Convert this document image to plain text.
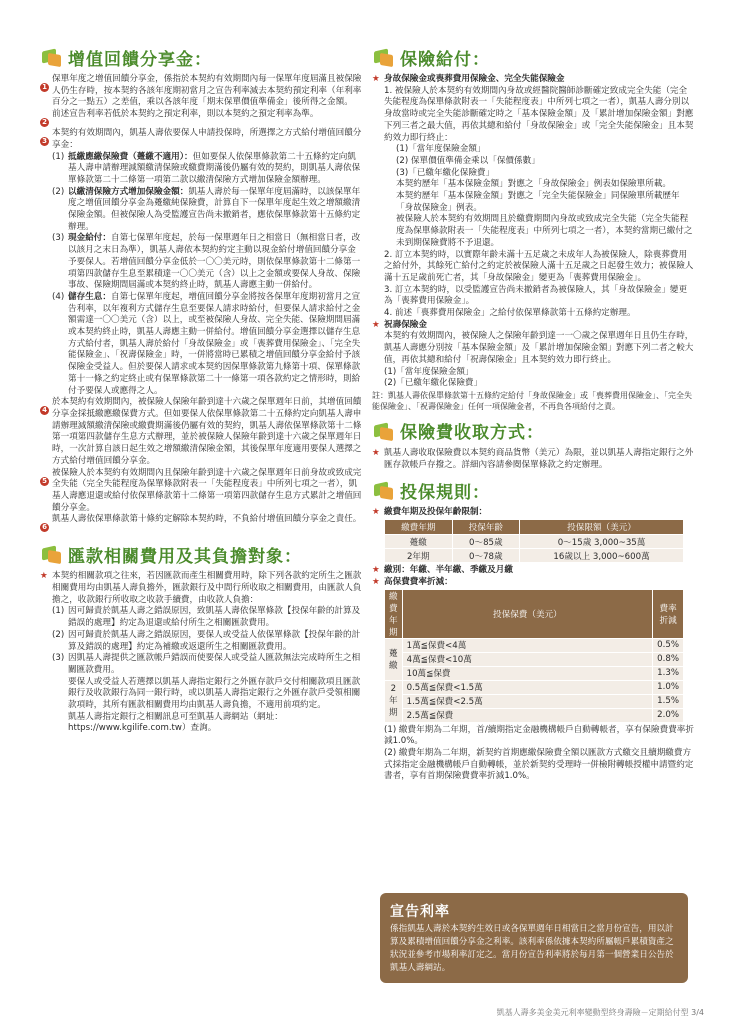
增值回饋分享金：
1
保單年度之增值回饋分享金，係指於本契約有效期間內每一保單年度屆滿且被保險人仍生存時，按本契約各該年度期初當月之宣告利率減去本契約預定利率（年利率百分之一點五）之差值，乘以各該年度「期末保單價值準備金」後所得之金額。
2
前述宣告利率若低於本契約之預定利率，則以本契約之預定利率為準。
3
本契約有效期間內，凱基人壽依要保人申請投保時，所選擇之方式給付增值回饋分享金：
(1) 抵繳應繳保險費（躉繳不適用）：但如要保人依保單條款第二十五條約定向凱基人壽申請辦理減額繳清保險或繳費期滿後仍屬有效的契約，則凱基人壽依保單條款第二十二條第一項第二款以繳清保險方式增加保險金額辦理。
(2) 以繳清保險方式增加保險金額：凱基人壽於每一保單年度屆滿時，以該保單年度之增值回饋分享金為躉繳純保險費，計算自下一保單年度起生效之增額繳清保險金額。但被保險人為受監護宣告尚未撤銷者，應依保單條款第十五條約定辦理。
(3) 現金給付：自第七保單年度起，於每一保單週年日之相當日（無相當日者，改以該月之末日為準），凱基人壽依本契約約定主動以現金給付增值回饋分享金予要保人。若增值回饋分享金低於一〇〇美元時，則依保單條款第十二條第一項第四款儲存生息至累積達一〇〇美元（含）以上之金額或要保人身故、保險事故、保險期間屆滿或本契約終止時，凱基人壽應主動一併給付。
(4) 儲存生息：自第七保單年度起，增值回饋分享金將按各保單年度期初當月之宣告利率，以年複利方式儲存生息至要保人請求時給付，但要保人請求給付之金額需達一〇〇美元（含）以上，或至被保險人身故、完全失能、保險期間屆滿或本契約終止時，凱基人壽應主動一併給付。增值回饋分享金選擇以儲存生息方式給付者，凱基人壽於給付「身故保險金」或「喪葬費用保險金」、「完全失能保險金」、「祝壽保險金」時，一併將當時已累積之增值回饋分享金給付予該保險金受益人。但於要保人請求或本契約因保單條款第九條第十項、保單條款第十一條之約定終止或有保單條款第二十一條第一項各款約定之情形時，則給付予要保人或應得之人。
4
於本契約有效期間內，被保險人保險年齡到達十六歲之保單週年日前，其增值回饋分享金採抵繳應繳保費方式。但如要保人依保單條款第二十五條約定向凱基人壽申請辦理減額繳清保險或繳費期滿後仍屬有效的契約，凱基人壽依保單條款第十二條第一項第四款儲存生息方式辦理，並於被保險人保險年齡到達十六歲之保單週年日時，一次計算自該日起生效之增額繳清保險金額，其後保單年度適用要保人選擇之方式給付增值回饋分享金。
5
被保險人於本契約有效期間內且保險年齡到達十六歲之保單週年日前身故或致成完全失能（完全失能程度為保單條款附表一「失能程度表」中所列七項之一者），凱基人壽應退還或給付依保單條款第十二條第一項第四款儲存生息方式累計之增值回饋分享金。
6
凱基人壽依保單條款第十條約定解除本契約時，不負給付增值回饋分享金之責任。
匯款相關費用及其負擔對象：
★ 本契約相關款項之往來，若因匯款而產生相關費用時，除下列各款約定所生之匯款相關費用均由凱基人壽負擔外，匯款銀行及中間行所收取之相關費用，由匯款人負擔之，收款銀行所收取之收款手續費，由收款人負擔：
(1) 因可歸責於凱基人壽之錯誤原因，致凱基人壽依保單條款【投保年齡的計算及錯誤的處理】約定為退還或給付所生之相關匯款費用。
(2) 因可歸責於凱基人壽之錯誤原因，要保人或受益人依保單條款【投保年齡的計算及錯誤的處理】約定為補繳或返還所生之相關匯款費用。
(3) 因凱基人壽提供之匯款帳戶錯誤而使要保人或受益人匯款無法完成時所生之相關匯款費用。
要保人或受益人若選擇以凱基人壽指定銀行之外匯存款戶交付相關款項且匯款銀行及收款銀行為同一銀行時，或以凱基人壽指定銀行之外匯存款戶受領相關款項時，其所有匯款相關費用均由凱基人壽負擔，不適用前項約定。
凱基人壽指定銀行之相關訊息可至凱基人壽網站（網址：https://www.kgilife.com.tw）查詢。
保險給付：
★ 身故保險金或喪葬費用保險金、完全失能保險金
1. 被保險人於本契約有效期間內身故或經醫院醫師診斷確定致成完全失能（完全失能程度為保單條款附表一「失能程度表」中所列七項之一者），凱基人壽分別以身故當時或完全失能診斷確定時之「基本保險金額」及「累計增加保險金額」對應下列三者之最大值，再依其總和給付「身故保險金」或「完全失能保險金」且本契約效力即行終止：
(1)「當年度保險金額」
(2) 保單價值準備金乘以「保價係數」
(3)「已繳年繳化保險費」
本契約歷年「基本保險金額」對應之「身故保險金」例表如保險單所載。
本契約歷年「基本保險金額」對應之「完全失能保險金」同保險單所載歷年「身故保險金」例表。
被保險人於本契約有效期間且於繳費期間內身故或致成完全失能（完全失能程度為保單條款附表一「失能程度表」中所列七項之一者），本契約當期已繳付之未到期保險費將不予退還。
2. 訂立本契約時，以實際年齡未滿十五足歲之未成年人為被保險人，除喪葬費用之給付外，其餘死亡給付之約定於被保險人滿十五足歲之日起發生效力；被保險人滿十五足歲前死亡者，其「身故保險金」變更為「喪葬費用保險金」。
3. 訂立本契約時，以受監護宣告尚未撤銷者為被保險人，其「身故保險金」變更為「喪葬費用保險金」。
4. 前述「喪葬費用保險金」之給付依保單條款第十五條約定辦理。
★ 祝壽保險金
本契約有效期間內，被保險人之保險年齡到達一一〇歲之保單週年日且仍生存時，凱基人壽應分別按「基本保險金額」及「累計增加保險金額」對應下列二者之較大值，再依其總和給付「祝壽保險金」且本契約效力即行終止。
(1)「當年度保險金額」
(2)「已繳年繳化保險費」
註：凱基人壽依保單條款第十五條約定給付「身故保險金」或「喪葬費用保險金」、「完全失能保險金」、「祝壽保險金」任何一項保險金者，不再負各項給付之責。
保險費收取方式：
★ 凱基人壽收取保險費以本契約商品貨幣（美元）為限，並以凱基人壽指定銀行之外匯存款帳戶存撥之。詳細內容請參閱保單條款之約定辦理。
投保規則：
★ 繳費年期及投保年齡限制：
繳費年期	投保年齡	投保限額（美元）
躉繳	0〜85歲	0〜15歲 3,000~35萬
2年期	0〜78歲	16歲以上 3,000~600萬
★ 繳別：年繳、半年繳、季繳及月繳
★ 高保費費率折減：
繳費年期	投保保費（美元）	費率折減
躉繳	1萬≦保費<4萬	0.5%
	4萬≦保費<10萬	0.8%
	10萬≦保費	1.3%
2年期	0.5萬≦保費<1.5萬	1.0%
	1.5萬≦保費<2.5萬	1.5%
	2.5萬≦保費	2.0%
(1) 繳費年期為二年期，首/續期指定金融機構帳戶自動轉帳者，享有保險費費率折減1.0%。
(2) 繳費年期為二年期，新契約首期應繳保險費全額以匯款方式繳交且續期繳費方式採指定金融機構帳戶自動轉帳，並於新契約受理時一併檢附轉帳授權申請暨約定書者，享有首期保險費費率折減1.0%。
宣告利率
係指凱基人壽於本契約生效日或各保單週年日相當日之當月份宣告，用以計算及累積增值回饋分享金之利率。該利率係依據本契約所屬帳戶累積資產之狀況並參考市場利率訂定之。當月份宣告利率將於每月第一個營業日公告於凱基人壽網站。
凱基人壽多美金美元利率變動型終身壽險－定期給付型 3/4
